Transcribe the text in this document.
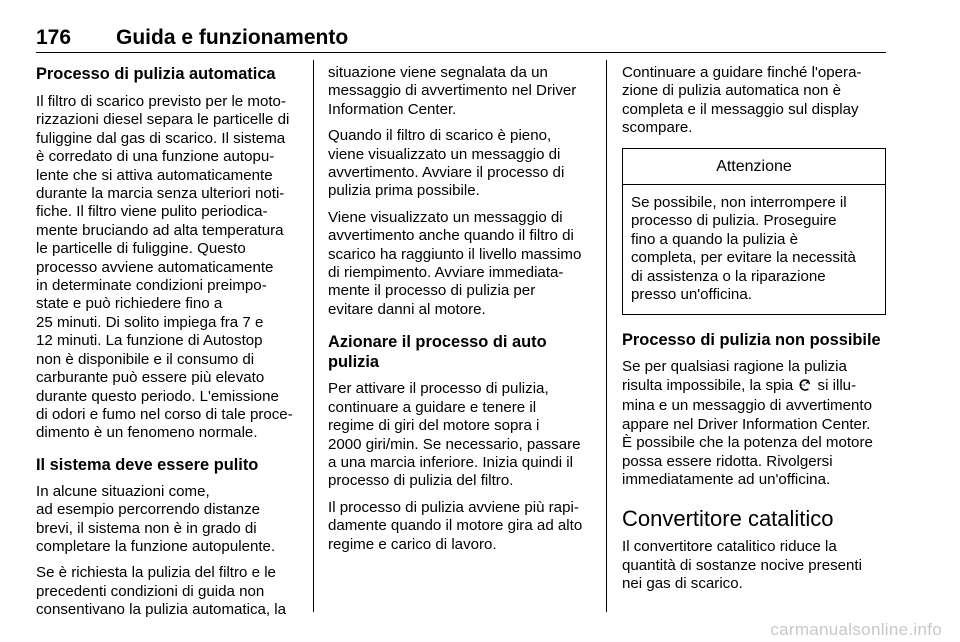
176 Guida e funzionamento
Processo di pulizia automatica
Il filtro di scarico previsto per le moto-
rizzazioni diesel separa le particelle di
fuliggine dal gas di scarico. Il sistema
è corredato di una funzione autopu-
lente che si attiva automaticamente
durante la marcia senza ulteriori noti-
fiche. Il filtro viene pulito periodica-
mente bruciando ad alta temperatura
le particelle di fuliggine. Questo
processo avviene automaticamente
in determinate condizioni preimpo-
state e può richiedere fino a
25 minuti. Di solito impiega fra 7 e
12 minuti. La funzione di Autostop
non è disponibile e il consumo di
carburante può essere più elevato
durante questo periodo. L'emissione
di odori e fumo nel corso di tale proce-
dimento è un fenomeno normale.
Il sistema deve essere pulito
In alcune situazioni come,
ad esempio percorrendo distanze
brevi, il sistema non è in grado di
completare la funzione autopulente.
Se è richiesta la pulizia del filtro e le
precedenti condizioni di guida non
consentivano la pulizia automatica, la
situazione viene segnalata da un
messaggio di avvertimento nel Driver
Information Center.
Quando il filtro di scarico è pieno,
viene visualizzato un messaggio di
avvertimento. Avviare il processo di
pulizia prima possibile.
Viene visualizzato un messaggio di
avvertimento anche quando il filtro di
scarico ha raggiunto il livello massimo
di riempimento. Avviare immediata-
mente il processo di pulizia per
evitare danni al motore.
Azionare il processo di auto
pulizia
Per attivare il processo di pulizia,
continuare a guidare e tenere il
regime di giri del motore sopra i
2000 giri/min. Se necessario, passare
a una marcia inferiore. Inizia quindi il
processo di pulizia del filtro.
Il processo di pulizia avviene più rapi-
damente quando il motore gira ad alto
regime e carico di lavoro.
Continuare a guidare finché l'opera-
zione di pulizia automatica non è
completa e il messaggio sul display
scompare.
Attenzione
Se possibile, non interrompere il
processo di pulizia. Proseguire
fino a quando la pulizia è
completa, per evitare la necessità
di assistenza o la riparazione
presso un'officina.
Processo di pulizia non possibile
Se per qualsiasi ragione la pulizia
risulta impossibile, la spia  si illu-
mina e un messaggio di avvertimento
appare nel Driver Information Center.
È possibile che la potenza del motore
possa essere ridotta. Rivolgersi
immediatamente ad un'officina.
Convertitore catalitico
Il convertitore catalitico riduce la
quantità di sostanze nocive presenti
nei gas di scarico.
carmanualsonline.info
